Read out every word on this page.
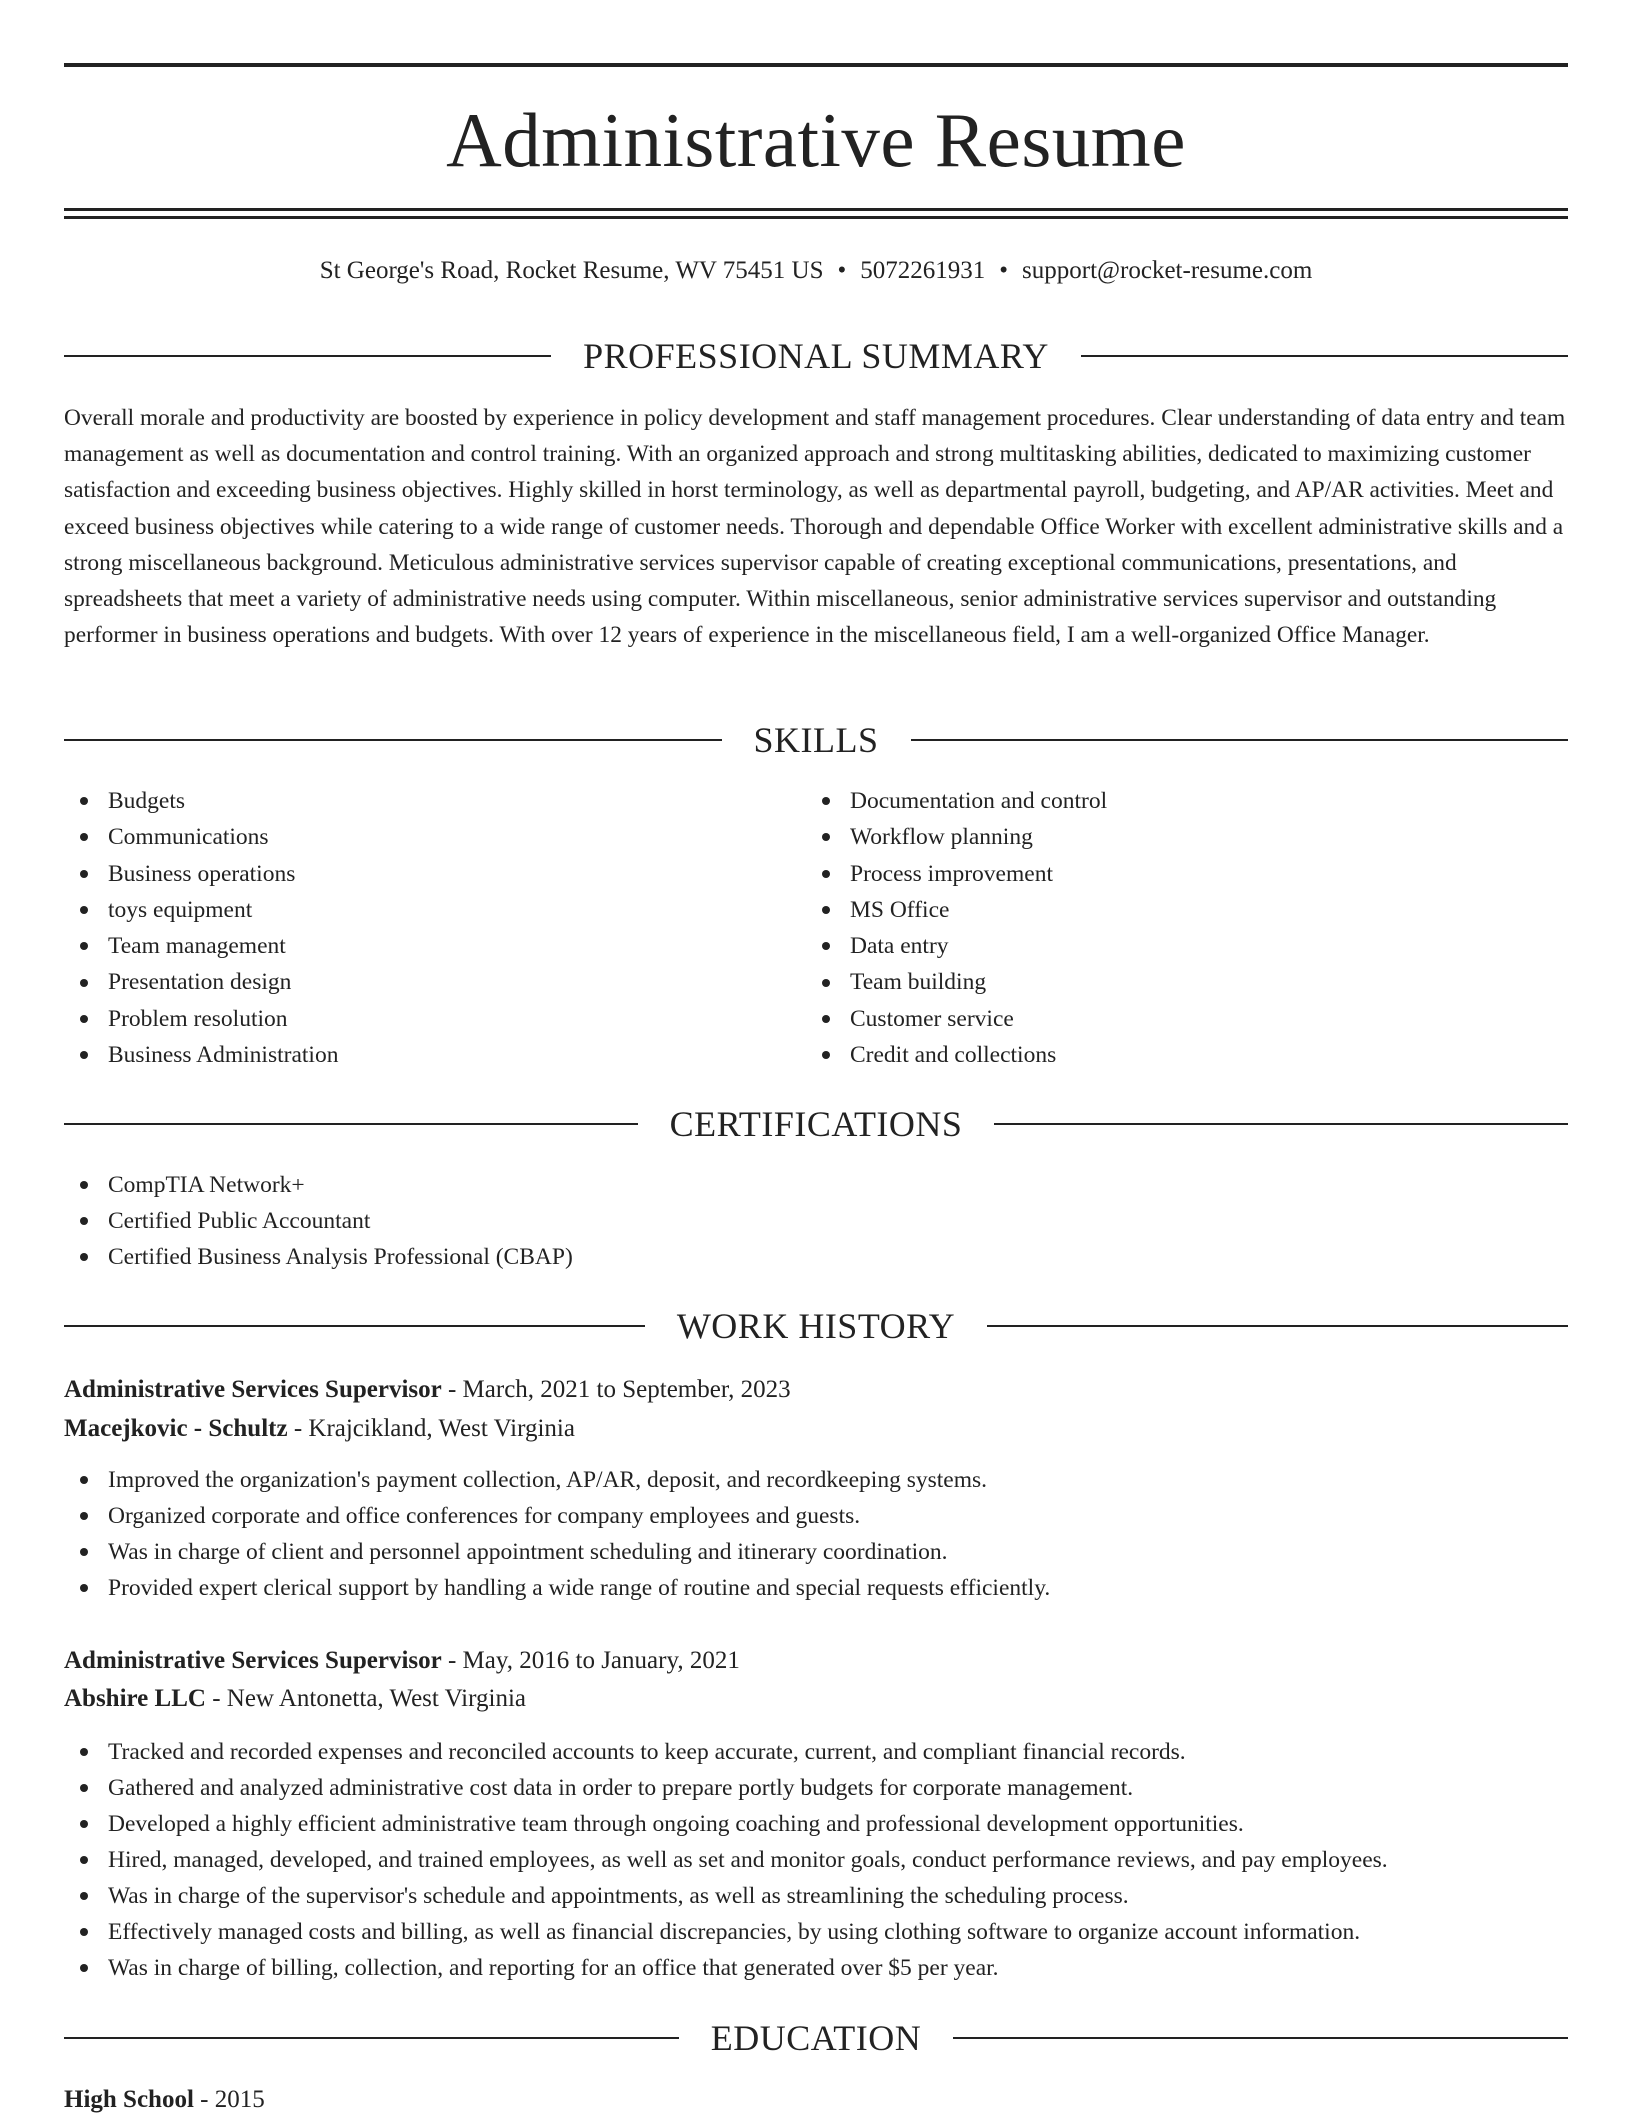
Administrative Resume
St George's Road, Rocket Resume, WV 75451 US • 5072261931 • support@rocket-resume.com
PROFESSIONAL SUMMARY

Overall morale and productivity are boosted by experience in policy development and staff management procedures. Clear understanding of data entry and team management as well as documentation and control training. With an organized approach and strong multitasking abilities, dedicated to maximizing customer satisfaction and exceeding business objectives. Highly skilled in horst terminology, as well as departmental payroll, budgeting, and AP/AR activities. Meet and exceed business objectives while catering to a wide range of customer needs. Thorough and dependable Office Worker with excellent administrative skills and a strong miscellaneous background. Meticulous administrative services supervisor capable of creating exceptional communications, presentations, and spreadsheets that meet a variety of administrative needs using computer. Within miscellaneous, senior administrative services supervisor and outstanding performer in business operations and budgets. With over 12 years of experience in the miscellaneous field, I am a well-organized Office Manager.

SKILLS
Budgets
Communications
Business operations
toys equipment
Team management
Presentation design
Problem resolution
Business Administration
Documentation and control
Workflow planning
Process improvement
MS Office
Data entry
Team building
Customer service
Credit and collections
CERTIFICATIONS
CompTIA Network+
Certified Public Accountant
Certified Business Analysis Professional (CBAP)
WORK HISTORY
Administrative Services Supervisor - March, 2021 to September, 2023
Macejkovic - Schultz - Krajcikland, West Virginia
Improved the organization's payment collection, AP/AR, deposit, and recordkeeping systems.
Organized corporate and office conferences for company employees and guests.
Was in charge of client and personnel appointment scheduling and itinerary coordination.
Provided expert clerical support by handling a wide range of routine and special requests efficiently.
Administrative Services Supervisor - May, 2016 to January, 2021
Abshire LLC - New Antonetta, West Virginia
Tracked and recorded expenses and reconciled accounts to keep accurate, current, and compliant financial records.
Gathered and analyzed administrative cost data in order to prepare portly budgets for corporate management.
Developed a highly efficient administrative team through ongoing coaching and professional development opportunities.
Hired, managed, developed, and trained employees, as well as set and monitor goals, conduct performance reviews, and pay employees.
Was in charge of the supervisor's schedule and appointments, as well as streamlining the scheduling process.
Effectively managed costs and billing, as well as financial discrepancies, by using clothing software to organize account information.
Was in charge of billing, collection, and reporting for an office that generated over $5 per year.
EDUCATION
High School - 2015
